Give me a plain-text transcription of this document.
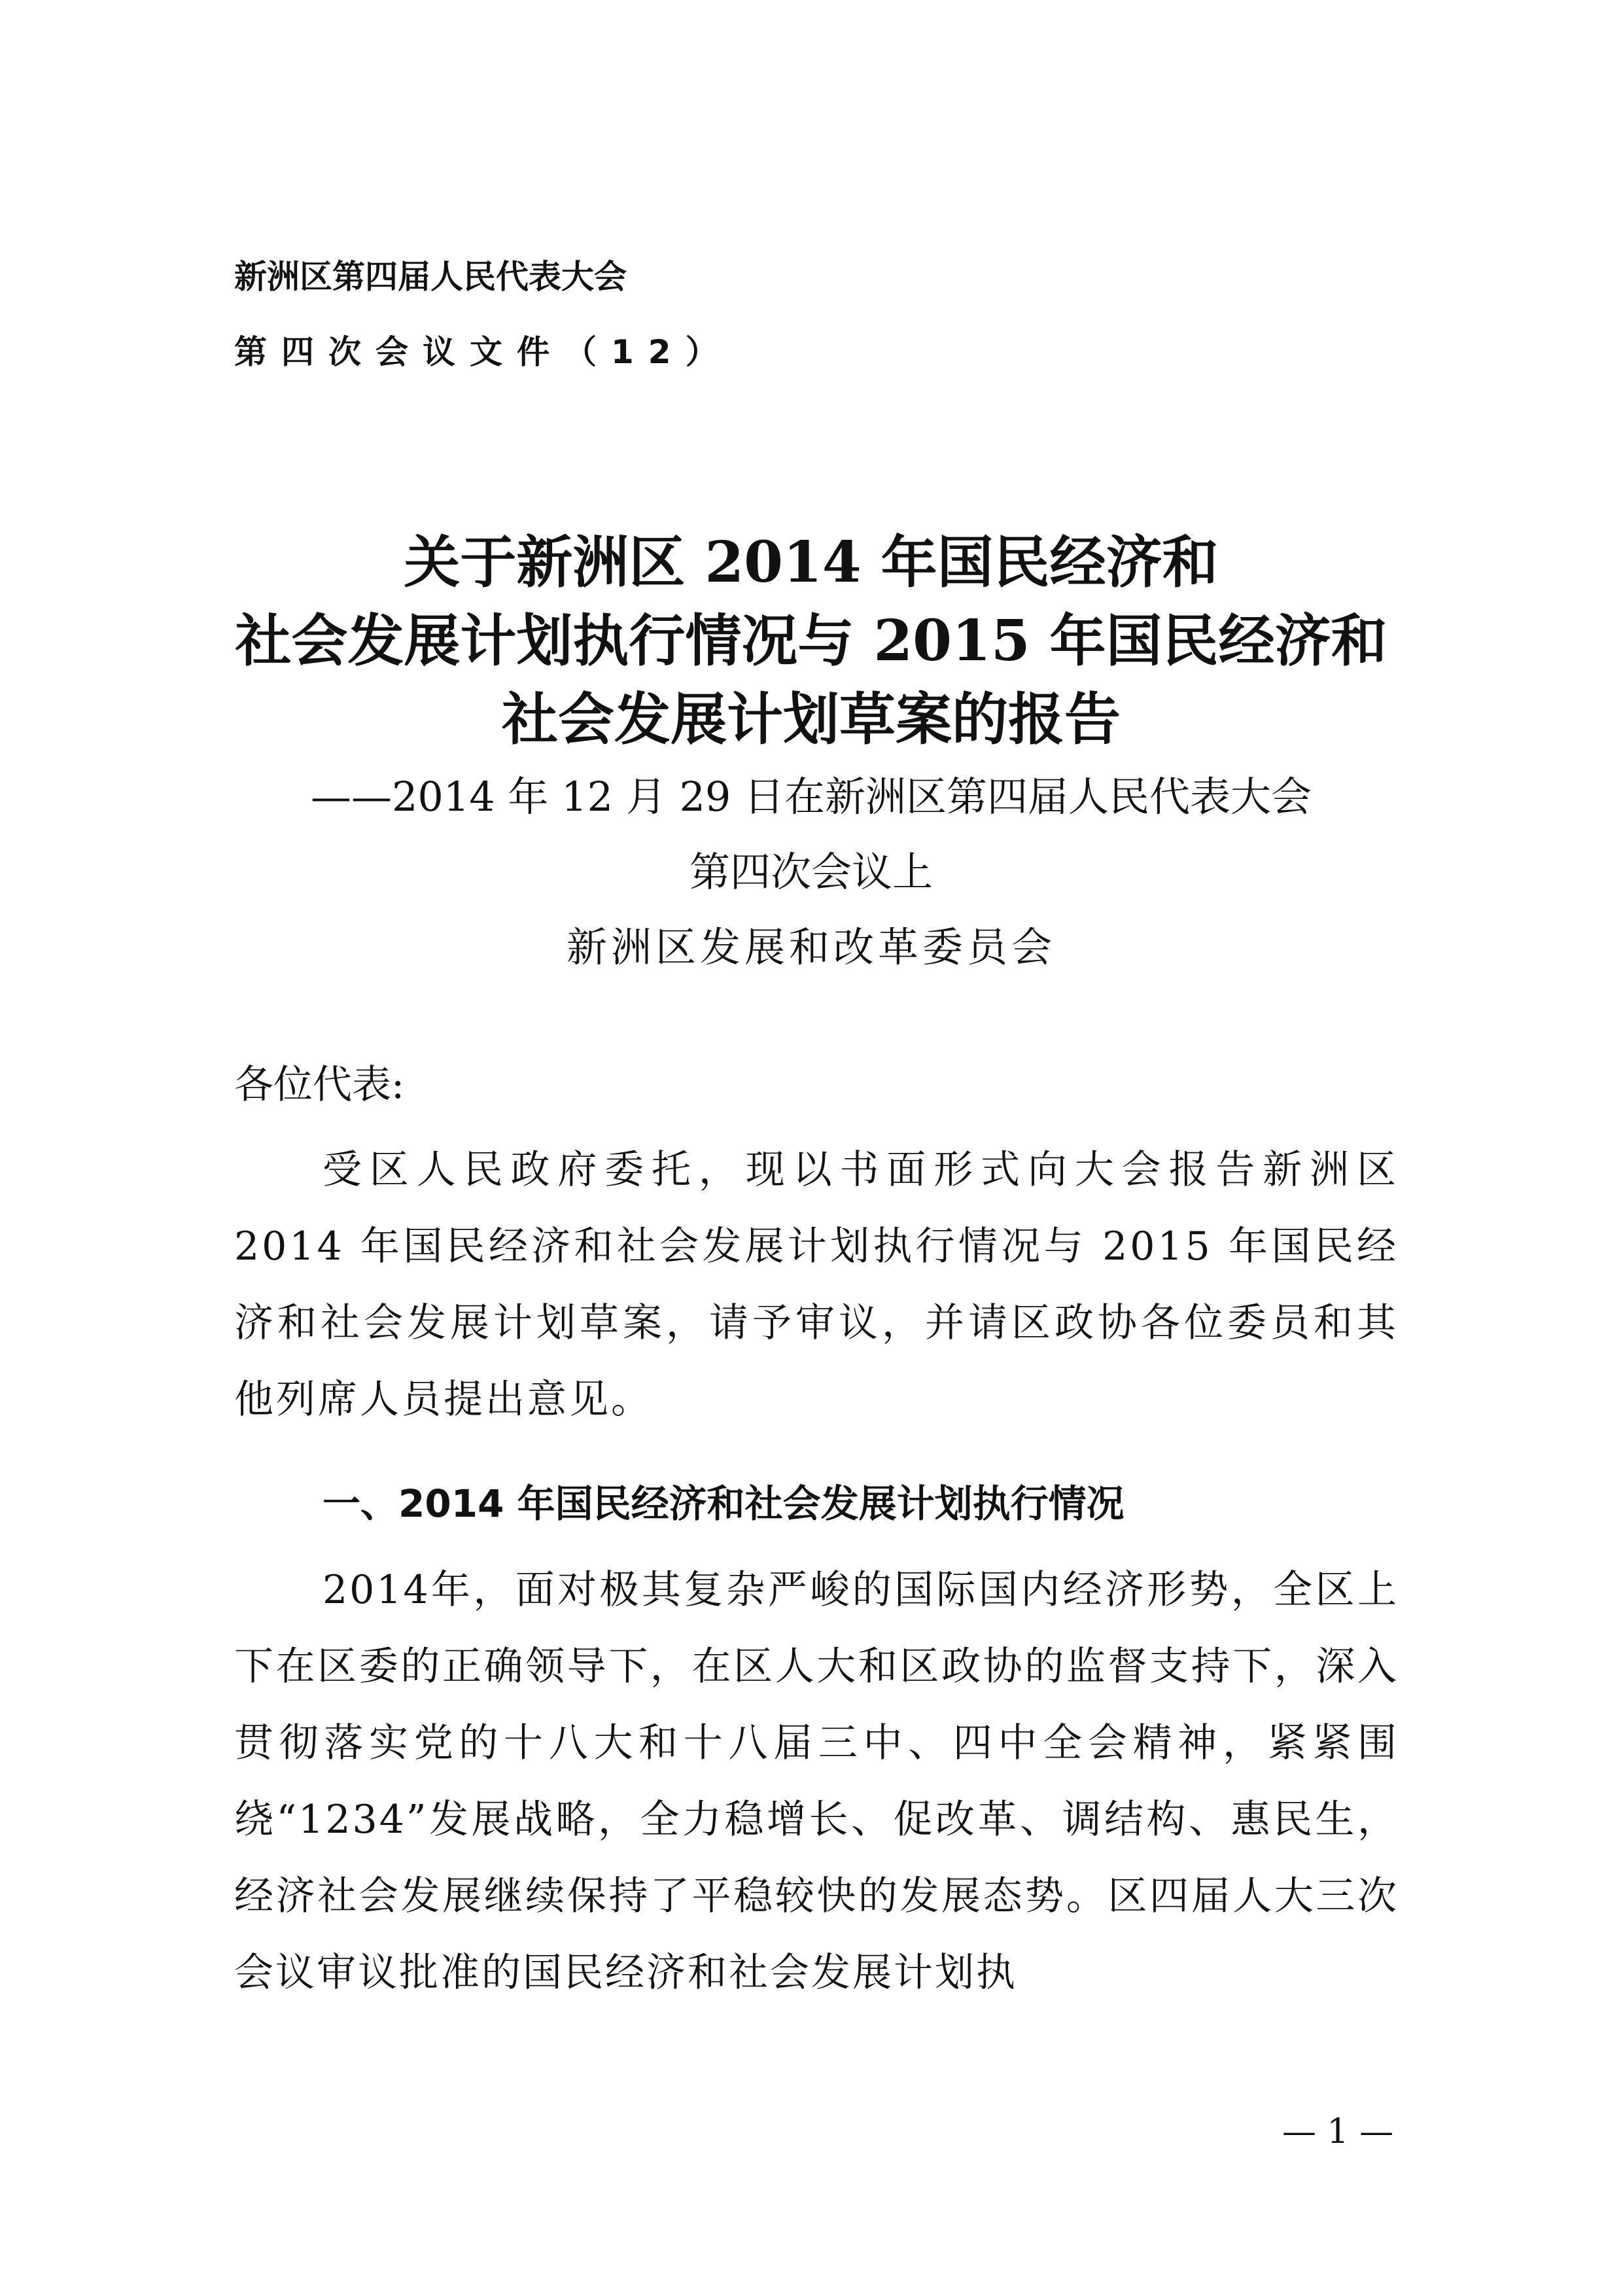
新洲区第四届人民代表大会
第四次会议文件（12）
关于新洲区 2014 年国民经济和
社会发展计划执行情况与 2015 年国民经济和
社会发展计划草案的报告
——2014 年 12 月 29 日在新洲区第四届人民代表大会
第四次会议上
新洲区发展和改革委员会
各位代表:
受区人民政府委托，现以书面形式向大会报告新洲区 2014 年国民经济和社会发展计划执行情况与 2015 年国民经济和社会发展计划草案，请予审议，并请区政协各位委员和其他列席人员提出意见。
一、2014 年国民经济和社会发展计划执行情况
2014年，面对极其复杂严峻的国际国内经济形势，全区上下在区委的正确领导下，在区人大和区政协的监督支持下，深入贯彻落实党的十八大和十八届三中、四中全会精神，紧紧围绕“1234”发展战略，全力稳增长、促改革、调结构、惠民生，经济社会发展继续保持了平稳较快的发展态势。区四届人大三次会议审议批准的国民经济和社会发展计划执
— 1 —
